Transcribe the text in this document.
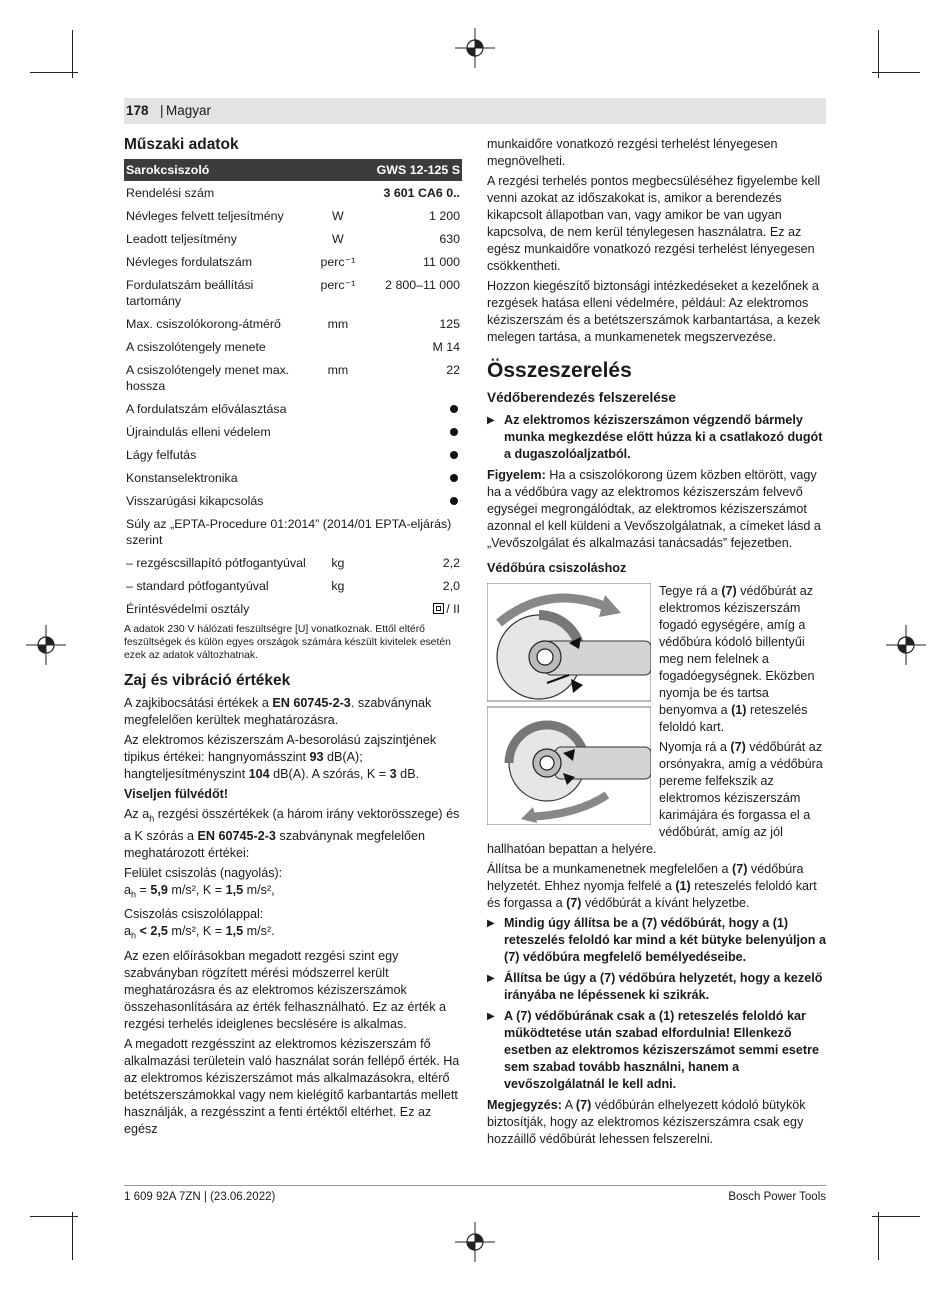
178 | Magyar
Műszaki adatok
Sarokcsiszoló		GWS 12-125 S
Rendelési szám		3 601 CA6 0..
Névleges felvett teljesítmény	W	1 200
Leadott teljesítmény	W	630
Névleges fordulatszám	perc⁻¹	11 000
Fordulatszám beállítási tartomány	perc⁻¹	2 800–11 000
Max. csiszolókorong-átmérő	mm	125
A csiszolótengely menete		M 14
A csiszolótengely menet max. hossza	mm	22
A fordulatszám előválasztása		
Újraindulás elleni védelem		
Lágy felfutás		
Konstanselektronika		
Visszarúgási kikapcsolás		
Súly az „EPTA-Procedure 01:2014” (2014/01 EPTA-eljárás) szerint		
– rezgéscsillapító pótfogantyúval	kg	2,2
– standard pótfogantyúval	kg	2,0
Érintésvédelmi osztály		/ II

A adatok 230 V hálózati feszültségre [U] vonatkoznak. Ettől eltérő feszültségek és külön egyes országok számára készült kivitelek esetén ezek az adatok változhatnak.

Zaj és vibráció értékek

A zajkibocsátási értékek a EN 60745-2-3. szabványnak megfelelően kerültek meghatározásra.

Az elektromos kéziszerszám A-besorolású zajszintjének tipikus értékei: hangnyomásszint 93 dB(A); hangteljesítményszint 104 dB(A). A szórás, K = 3 dB.

Viseljen fülvédőt!

Az $a_h$ rezgési összértékek (a három irány vektorösszege) és a K szórás a EN 60745-2-3 szabványnak megfelelően meghatározott értékei:

Felület csiszolás (nagyolás):

$a_h = 5,9$ m/s², K = 1,5 m/s²,

Csiszolás csiszolólappal:

$a_h < 2,5$ m/s², K = 1,5 m/s².

Az ezen előírásokban megadott rezgési szint egy szabványban rögzített mérési módszerrel került meghatározásra és az elektromos kéziszerszámok összehasonlítására az érték felhasználható. Ez az érték a rezgési terhelés ideiglenes becslésére is alkalmas.

A megadott rezgésszint az elektromos kéziszerszám fő alkalmazási területein való használat során fellépő érték. Ha az elektromos kéziszerszámot más alkalmazásokra, eltérő betétszerszámokkal vagy nem kielégítő karbantartás mellett használják, a rezgésszint a fenti értéktől eltérhet. Ez az egész

munkaidőre vonatkozó rezgési terhelést lényegesen megnövelheti.

A rezgési terhelés pontos megbecsüléséhez figyelembe kell venni azokat az időszakokat is, amikor a berendezés kikapcsolt állapotban van, vagy amikor be van ugyan kapcsolva, de nem kerül ténylegesen használatra. Ez az egész munkaidőre vonatkozó rezgési terhelést lényegesen csökkentheti.

Hozzon kiegészítő biztonsági intézkedéseket a kezelőnek a rezgések hatása elleni védelmére, például: Az elektromos kéziszerszám és a betétszerszámok karbantartása, a kezek melegen tartása, a munkamenetek megszervezése.

Összeszerelés
Védőberendezés felszerelése
▶ Az elektromos kéziszerszámon végzendő bármely munka megkezdése előtt húzza ki a csatlakozó dugót a dugaszolóaljzatból.

Figyelem: Ha a csiszolókorong üzem közben eltörött, vagy ha a védőbúra vagy az elektromos kéziszerszám felvevő egységei megrongálódtak, az elektromos kéziszerszámot azonnal el kell küldeni a Vevőszolgálatnak, a címeket lásd a „Vevőszolgálat és alkalmazási tanácsadás” fejezetben.

Védőbúra csiszoláshoz

Tegye rá a (7) védőbúrát az elektromos kéziszerszám fogadó egységére, amíg a védőbúra kódoló billentyűi meg nem felelnek a fogadóegységnek. Eközben nyomja be és tartsa benyomva a (1) reteszelés feloldó kart.

Nyomja rá a (7) védőbúrát az orsónyakra, amíg a védőbúra pereme felfekszik az elektromos kéziszerszám karimájára és forgassa el a védőbúrát, amíg az jól hallhatóan bepattan a helyére.

Állítsa be a munkamenetnek megfelelően a (7) védőbúra helyzetét. Ehhez nyomja felfelé a (1) reteszelés feloldó kart és forgassa a (7) védőbúrát a kívánt helyzetbe.

▶ Mindig úgy állítsa be a (7) védőbúrát, hogy a (1) reteszelés feloldó kar mind a két bütyke belenyúljon a (7) védőbúra megfelelő bemélyedéseibe.
▶ Állítsa be úgy a (7) védőbúra helyzetét, hogy a kezelő irányába ne lépéssenek ki szikrák.
▶ A (7) védőbúrának csak a (1) reteszelés feloldó kar működtetése után szabad elfordulnia! Ellenkező esetben az elektromos kéziszerszámot semmi esetre sem szabad tovább használni, hanem a vevőszolgálatnál le kell adni.

Megjegyzés: A (7) védőbúrán elhelyezett kódoló bütykök biztosítják, hogy az elektromos kéziszerszámra csak egy hozzáillő védőbúrát lehessen felszerelni.

1 609 92A 7ZN | (23.06.2022)	Bosch Power Tools
